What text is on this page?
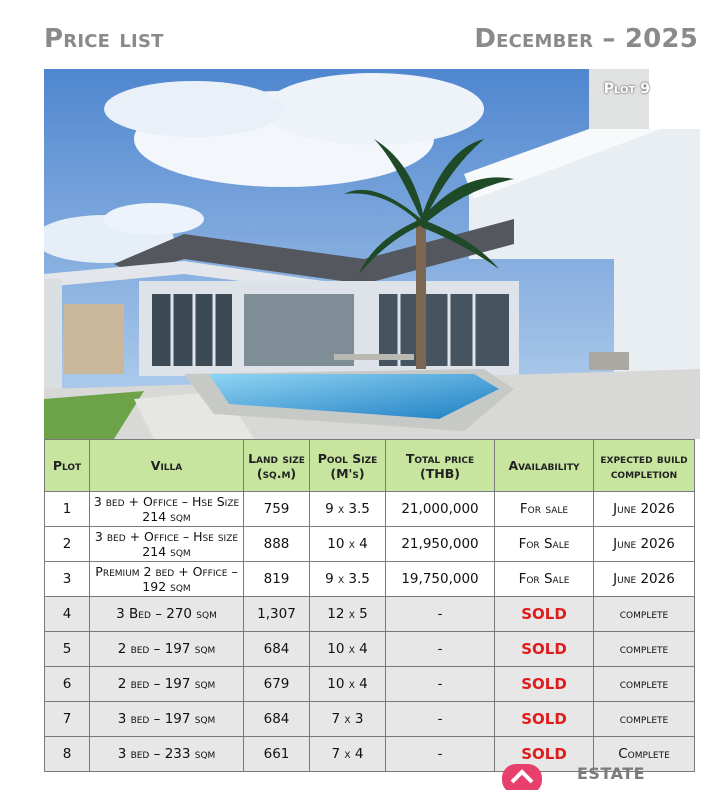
Price list	December – 2025
Plot 9
Plot	Villa	Land size (sq.m)	Pool Size (M's)	Total price (THB)	Availability	expected build completion
1	3 bed + Office – Hse Size 214 sqm	759	9 x 3.5	21,000,000	For sale	June 2026
2	3 bed + Office – Hse size 214 sqm	888	10 x 4	21,950,000	For Sale	June 2026
3	Premium 2 bed + Office – 192 sqm	819	9 x 3.5	19,750,000	For Sale	June 2026
4	3 Bed – 270 sqm	1,307	12 x 5	-	SOLD	complete
5	2 bed – 197 sqm	684	10 x 4	-	SOLD	complete
6	2 bed – 197 sqm	679	10 x 4	-	SOLD	complete
7	3 bed – 197 sqm	684	7 x 3	-	SOLD	complete
8	3 bed – 233 sqm	661	7 x 4	-	SOLD	Complete
ESTATE
